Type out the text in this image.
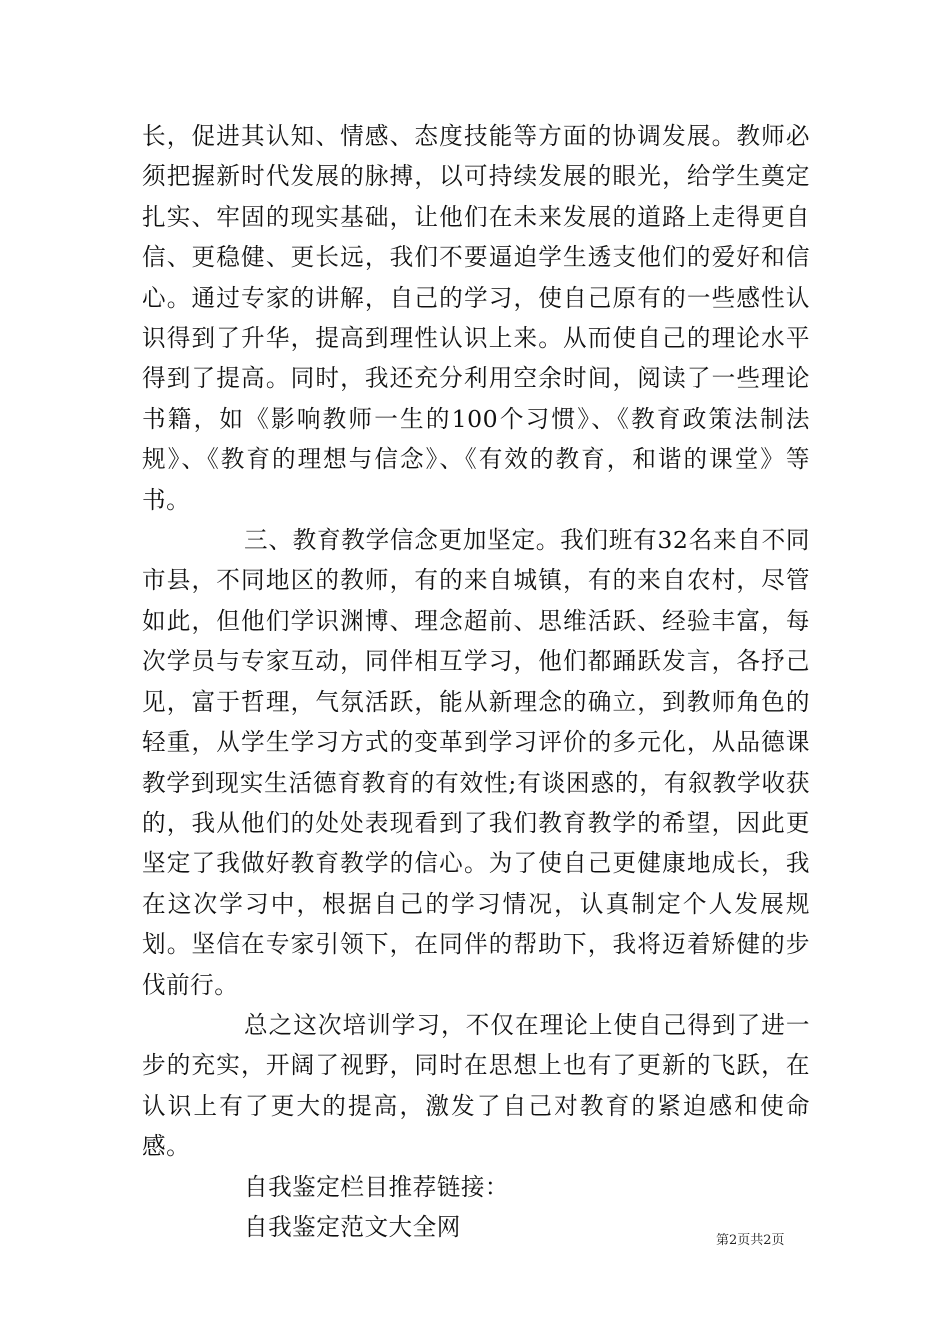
长，促进其认知、情感、态度技能等方面的协调发展。教师必须把握新时代发展的脉搏，以可持续发展的眼光，给学生奠定扎实、牢固的现实基础，让他们在未来发展的道路上走得更自信、更稳健、更长远，我们不要逼迫学生透支他们的爱好和信心。通过专家的讲解，自己的学习，使自己原有的一些感性认识得到了升华，提高到理性认识上来。从而使自己的理论水平得到了提高。同时，我还充分利用空余时间，阅读了一些理论书籍，如《影响教师一生的100个习惯》、《教育政策法制法规》、《教育的理想与信念》、《有效的教育，和谐的课堂》等书。

三、教育教学信念更加坚定。我们班有32名来自不同市县，不同地区的教师，有的来自城镇，有的来自农村，尽管如此，但他们学识渊博、理念超前、思维活跃、经验丰富，每次学员与专家互动，同伴相互学习，他们都踊跃发言，各抒己见，富于哲理，气氛活跃，能从新理念的确立，到教师角色的轻重，从学生学习方式的变革到学习评价的多元化，从品德课教学到现实生活德育教育的有效性;有谈困惑的，有叙教学收获的，我从他们的处处表现看到了我们教育教学的希望，因此更坚定了我做好教育教学的信心。为了使自己更健康地成长，我在这次学习中，根据自己的学习情况，认真制定个人发展规划。坚信在专家引领下，在同伴的帮助下，我将迈着矫健的步伐前行。

总之这次培训学习，不仅在理论上使自己得到了进一步的充实，开阔了视野，同时在思想上也有了更新的飞跃，在认识上有了更大的提高，激发了自己对教育的紧迫感和使命感。

自我鉴定栏目推荐链接：

自我鉴定范文大全网	第2页共2页
